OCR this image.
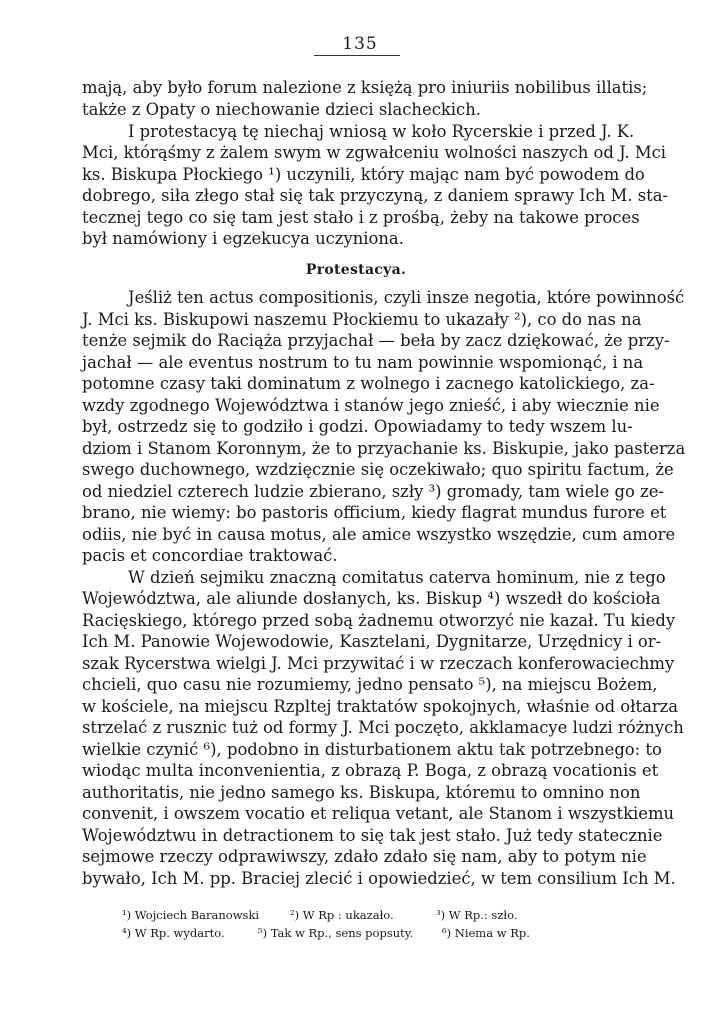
135
mają, aby było forum nalezione z księżą pro iniuriis nobilibus illatis;
także z Opaty o niechowanie dzieci slacheckich.
I protestacyą tę niechaj wniosą w koło Rycerskie i przed J. K.
Mci, którąśmy z żalem swym w zgwałceniu wolności naszych od J. Mci
ks. Biskupa Płockiego ¹) uczynili, który mając nam być powodem do
dobrego, siła złego stał się tak przyczyną, z daniem sprawy Ich M. sta-
tecznej tego co się tam jest stało i z prośbą, żeby na takowe proces
był namówiony i egzekucya uczyniona.
Protestacya.
Jeśliż ten actus compositionis, czyli insze negotia, które powinność
J. Mci ks. Biskupowi naszemu Płockiemu to ukazały ²), co do nas na
tenże sejmik do Raciąża przyjachał — beła by zacz dziękować, że przy-
jachał — ale eventus nostrum to tu nam powinnie wspomionąć, i na
potomne czasy taki dominatum z wolnego i zacnego katolickiego, za-
wzdy zgodnego Województwa i stanów jego znieść, i aby wiecznie nie
był, ostrzedz się to godziło i godzi. Opowiadamy to tedy wszem lu-
dziom i Stanom Koronnym, że to przyachanie ks. Biskupie, jako pasterza
swego duchownego, wzdzięcznie się oczekiwało; quo spiritu factum, że
od niedziel czterech ludzie zbierano, szły ³) gromady, tam wiele go ze-
brano, nie wiemy: bo pastoris officium, kiedy flagrat mundus furore et
odiis, nie być in causa motus, ale amice wszystko wszędzie, cum amore
pacis et concordiae traktować.
W dzień sejmiku znaczną comitatus caterva hominum, nie z tego
Województwa, ale aliunde dosłanych, ks. Biskup ⁴) wszedł do kościoła
Racięskiego, którego przed sobą żadnemu otworzyć nie kazał. Tu kiedy
Ich M. Panowie Wojewodowie, Kasztelani, Dygnitarze, Urzędnicy i or-
szak Rycerstwa wielgi J. Mci przywitać i w rzeczach konferowaciechmy
chcieli, quo casu nie rozumiemy, jedno pensato ⁵), na miejscu Bożem,
w kościele, na miejscu Rzpltej traktatów spokojnych, właśnie od ołtarza
strzelać z rusznic tuż od formy J. Mci poczęto, akklamacye ludzi różnych
wielkie czynić ⁶), podobno in disturbationem aktu tak potrzebnego: to
wiodąc multa inconvenientia, z obrazą P. Boga, z obrazą vocationis et
authoritatis, nie jedno samego ks. Biskupa, któremu to omnino non
convenit, i owszem vocatio et reliqua vetant, ale Stanom i wszystkiemu
Województwu in detractionem to się tak jest stało. Już tedy statecznie
sejmowe rzeczy odprawiwszy, zdało zdało się nam, aby to potym nie
bywało, Ich M. pp. Braciej zlecić i opowiedzieć, w tem consilium Ich M.
¹) Wojciech Baranowski	²) W Rp : ukazało.	³) W Rp.: szło.
⁴) W Rp. wydarto.	⁵) Tak w Rp., sens popsuty. ⁶) Niema w Rp.
